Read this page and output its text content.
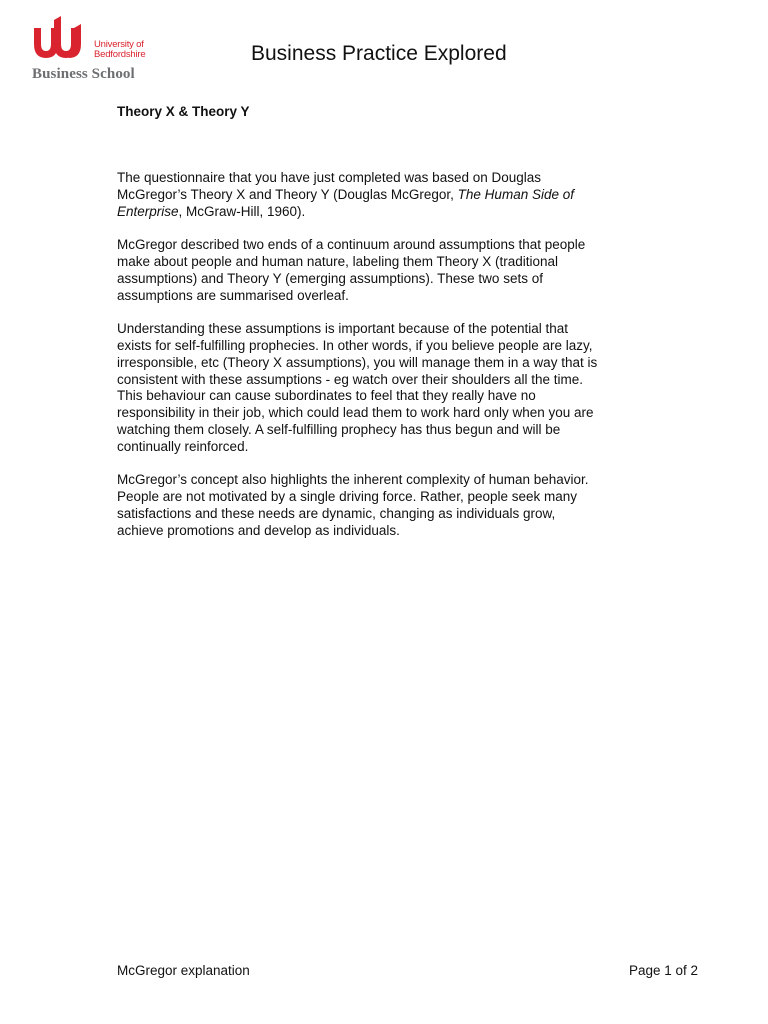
University of
Bedfordshire
Business School
Business Practice Explored
Theory X & Theory Y

The questionnaire that you have just completed was based on Douglas
McGregor’s Theory X and Theory Y (Douglas McGregor, The Human Side of
Enterprise, McGraw-Hill, 1960).

McGregor described two ends of a continuum around assumptions that people
make about people and human nature, labeling them Theory X (traditional
assumptions) and Theory Y (emerging assumptions). These two sets of
assumptions are summarised overleaf.

Understanding these assumptions is important because of the potential that
exists for self-fulfilling prophecies. In other words, if you believe people are lazy,
irresponsible, etc (Theory X assumptions), you will manage them in a way that is
consistent with these assumptions - eg watch over their shoulders all the time.
This behaviour can cause subordinates to feel that they really have no
responsibility in their job, which could lead them to work hard only when you are
watching them closely. A self-fulfilling prophecy has thus begun and will be
continually reinforced.

McGregor’s concept also highlights the inherent complexity of human behavior.
People are not motivated by a single driving force. Rather, people seek many
satisfactions and these needs are dynamic, changing as individuals grow,
achieve promotions and develop as individuals.

McGregor explanation	Page 1 of 2
